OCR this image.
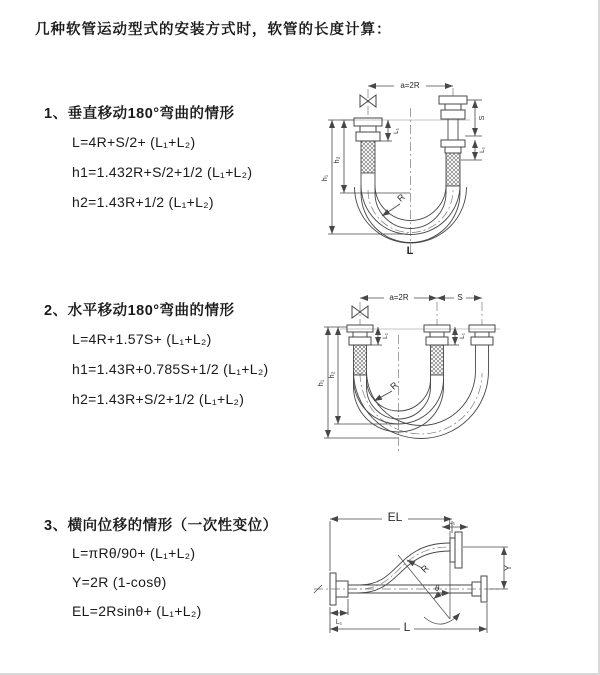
几种软管运动型式的安装方式时，软管的长度计算：
1、垂直移动180°弯曲的情形
L=4R+S/2+ (L₁+L₂)
h1=1.432R+S/2+1/2 (L₁+L₂)
h2=1.43R+1/2 (L₁+L₂)
2、水平移动180°弯曲的情形
L=4R+1.57S+ (L₁+L₂)
h1=1.43R+0.785S+1/2 (L₁+L₂)
h2=1.43R+S/2+1/2 (L₁+L₂)
3、横向位移的情形（一次性变位）
L=πRθ/90+ (L₁+L₂)
Y=2R (1-cosθ)
EL=2Rsinθ+ (L₁+L₂)
a=2R
h₁
h₂
L₁
S
L₁
R
L
a=2R	S
h₁
h₂
L₁	L₁
R
EL	L₁
Y
θ
R
L
L₁
